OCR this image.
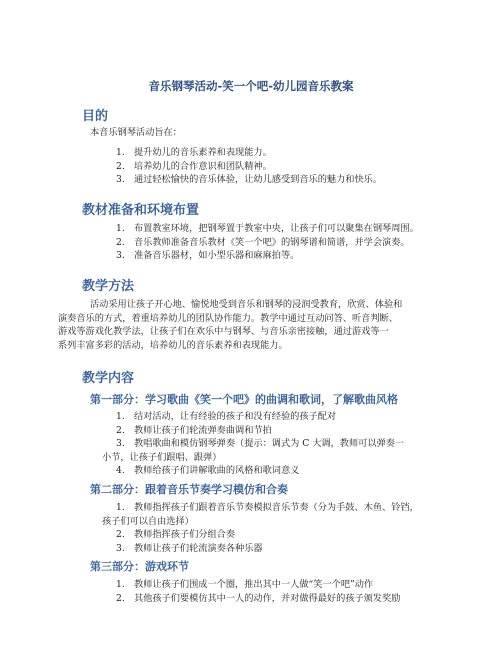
音乐钢琴活动-笑一个吧-幼儿园音乐教案
目的
本音乐钢琴活动旨在：
1.	提升幼儿的音乐素养和表现能力。
2.	培养幼儿的合作意识和团队精神。
3.	通过轻松愉快的音乐体验，让幼儿感受到音乐的魅力和快乐。
教材准备和环境布置
1.	布置教室环境，把钢琴置于教室中央，让孩子们可以聚集在钢琴周围。
2.	音乐教师准备音乐教材《笑一个吧》的钢琴谱和简谱，并学会演奏。
3.	准备音乐器材，如小型乐器和麻麻拍等。
教学方法
活动采用让孩子开心地、愉悦地受到音乐和钢琴的浸润受教育，欣赏、体验和
演奏音乐的方式，着重培养幼儿的团队协作能力。教学中通过互动问答、听音判断、
游戏等游戏化教学法，让孩子们在欢乐中与钢琴、与音乐亲密接触，通过游戏等一
系列丰富多彩的活动，培养幼儿的音乐素养和表现能力。
教学内容
第一部分：学习歌曲《笑一个吧》的曲调和歌词，了解歌曲风格
1.	结对活动，让有经验的孩子和没有经验的孩子配对
2.	教师让孩子们轮流弹奏曲调和节拍
3.	教唱歌曲和模仿钢琴弹奏（提示：调式为 C 大调，教师可以弹奏一
小节，让孩子们跟唱、跟弹）
4.	教师给孩子们讲解歌曲的风格和歌词意义
第二部分：跟着音乐节奏学习模仿和合奏
1.	教师指挥孩子们跟着音乐节奏模拟音乐节奏（分为手鼓、木鱼、铃铛，
孩子们可以自由选择）
2.	教师指挥孩子们分组合奏
3.	教师让孩子们轮流演奏各种乐器
第三部分：游戏环节
1.	教师让孩子们围成一个圈，推出其中一人做“笑一个吧”动作
2.	其他孩子们要模仿其中一人的动作，并对做得最好的孩子颁发奖励
